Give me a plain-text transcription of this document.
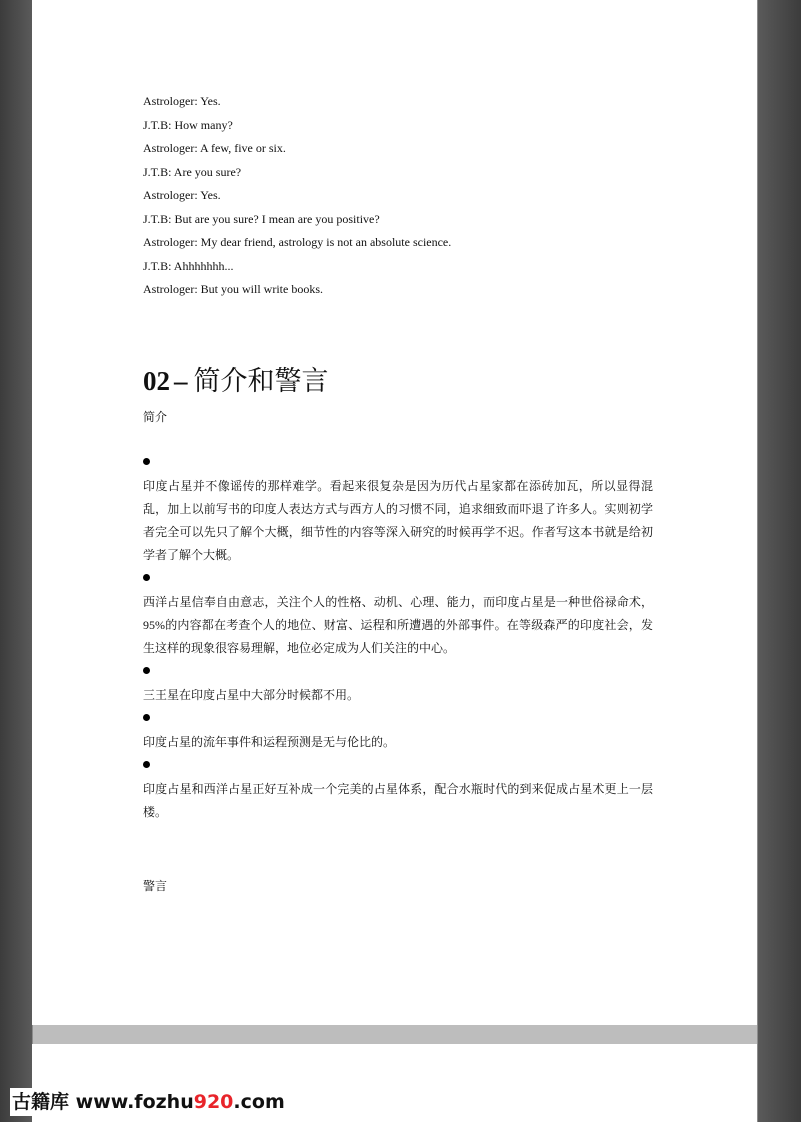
Astrologer: Yes.
J.T.B: How many?
Astrologer: A few, five or six.
J.T.B: Are you sure?
Astrologer: Yes.
J.T.B: But are you sure? I mean are you positive?
Astrologer: My dear friend, astrology is not an absolute science.
J.T.B: Ahhhhhhh...
Astrologer: But you will write books.
02 – 简介和警言
简介

印度占星并不像谣传的那样难学。看起来很复杂是因为历代占星家都在添砖加瓦，所以显得混乱，加上以前写书的印度人表达方式与西方人的习惯不同，追求细致而吓退了许多人。实则初学者完全可以先只了解个大概，细节性的内容等深入研究的时候再学不迟。作者写这本书就是给初学者了解个大概。

西洋占星信奉自由意志，关注个人的性格、动机、心理、能力，而印度占星是一种世俗禄命术，95%的内容都在考查个人的地位、财富、运程和所遭遇的外部事件。在等级森严的印度社会，发生这样的现象很容易理解，地位必定成为人们关注的中心。

三王星在印度占星中大部分时候都不用。

印度占星的流年事件和运程预测是无与伦比的。

印度占星和西洋占星正好互补成一个完美的占星体系，配合水瓶时代的到来促成占星术更上一层楼。

警言
古籍库 www.fozhu920.com
